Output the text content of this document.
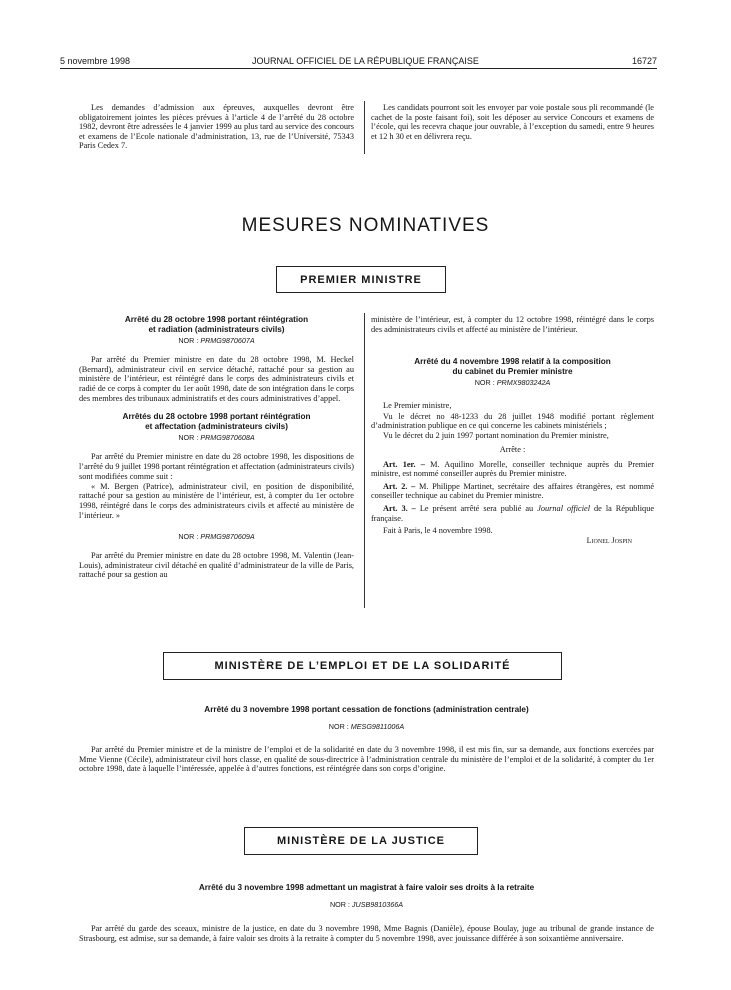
5 novembre 1998	JOURNAL OFFICIEL DE LA RÉPUBLIQUE FRANÇAISE	16727

Les demandes d’admission aux épreuves, auxquelles devront être obligatoirement jointes les pièces prévues à l’article 4 de l’arrêté du 28 octobre 1982, devront être adressées le 4 janvier 1999 au plus tard au service des concours et examens de l’Ecole nationale d’administration, 13, rue de l’Université, 75343 Paris Cedex 7.

Les candidats pourront soit les envoyer par voie postale sous pli recommandé (le cachet de la poste faisant foi), soit les déposer au service Concours et examens de l’école, qui les recevra chaque jour ouvrable, à l’exception du samedi, entre 9 heures et 12 h 30 et en délivrera reçu.

MESURES NOMINATIVES
PREMIER MINISTRE
Arrêté du 28 octobre 1998 portant réintégration
et radiation (administrateurs civils)
NOR : PRMG9870607A

Par arrêté du Premier ministre en date du 28 octobre 1998, M. Heckel (Bernard), administrateur civil en service détaché, rattaché pour sa gestion au ministère de l’intérieur, est réintégré dans le corps des administrateurs civils et radié de ce corps à compter du 1er août 1998, date de son intégration dans le corps des membres des tribunaux administratifs et des cours administratives d’appel.

Arrêtés du 28 octobre 1998 portant réintégration
et affectation (administrateurs civils)
NOR : PRMG9870608A

Par arrêté du Premier ministre en date du 28 octobre 1998, les dispositions de l’arrêté du 9 juillet 1998 portant réintégration et affectation (administrateurs civils) sont modifiées comme suit :

« M. Bergen (Patrice), administrateur civil, en position de disponibilité, rattaché pour sa gestion au ministère de l’intérieur, est, à compter du 1er octobre 1998, réintégré dans le corps des administrateurs civils et affecté au ministère de l’intérieur. »

NOR : PRMG9870609A

Par arrêté du Premier ministre en date du 28 octobre 1998, M. Valentin (Jean-Louis), administrateur civil détaché en qualité d’administrateur de la ville de Paris, rattaché pour sa gestion au

ministère de l’intérieur, est, à compter du 12 octobre 1998, réintégré dans le corps des administrateurs civils et affecté au ministère de l’intérieur.

Arrêté du 4 novembre 1998 relatif à la composition
du cabinet du Premier ministre
NOR : PRMX9803242A

Le Premier ministre,

Vu le décret no 48-1233 du 28 juillet 1948 modifié portant règlement d’administration publique en ce qui concerne les cabinets ministériels ;

Vu le décret du 2 juin 1997 portant nomination du Premier ministre,

Arrête :

Art. 1er. – M. Aquilino Morelle, conseiller technique auprès du Premier ministre, est nommé conseiller auprès du Premier ministre.

Art. 2. – M. Philippe Martinet, secrétaire des affaires étrangères, est nommé conseiller technique au cabinet du Premier ministre.

Art. 3. – Le présent arrêté sera publié au Journal officiel de la République française.

Fait à Paris, le 4 novembre 1998.

Lionel Jospin

MINISTÈRE DE L’EMPLOI ET DE LA SOLIDARITÉ
Arrêté du 3 novembre 1998 portant cessation de fonctions (administration centrale)
NOR : MESG9811006A

Par arrêté du Premier ministre et de la ministre de l’emploi et de la solidarité en date du 3 novembre 1998, il est mis fin, sur sa demande, aux fonctions exercées par Mme Vienne (Cécile), administrateur civil hors classe, en qualité de sous-directrice à l’administration centrale du ministère de l’emploi et de la solidarité, à compter du 1er octobre 1998, date à laquelle l’intéressée, appelée à d’autres fonctions, est réintégrée dans son corps d’origine.

MINISTÈRE DE LA JUSTICE
Arrêté du 3 novembre 1998 admettant un magistrat à faire valoir ses droits à la retraite
NOR : JUSB9810366A

Par arrêté du garde des sceaux, ministre de la justice, en date du 3 novembre 1998, Mme Bagnis (Danièle), épouse Boulay, juge au tribunal de grande instance de Strasbourg, est admise, sur sa demande, à faire valoir ses droits à la retraite à compter du 5 novembre 1998, avec jouissance différée à son soixantième anniversaire.
